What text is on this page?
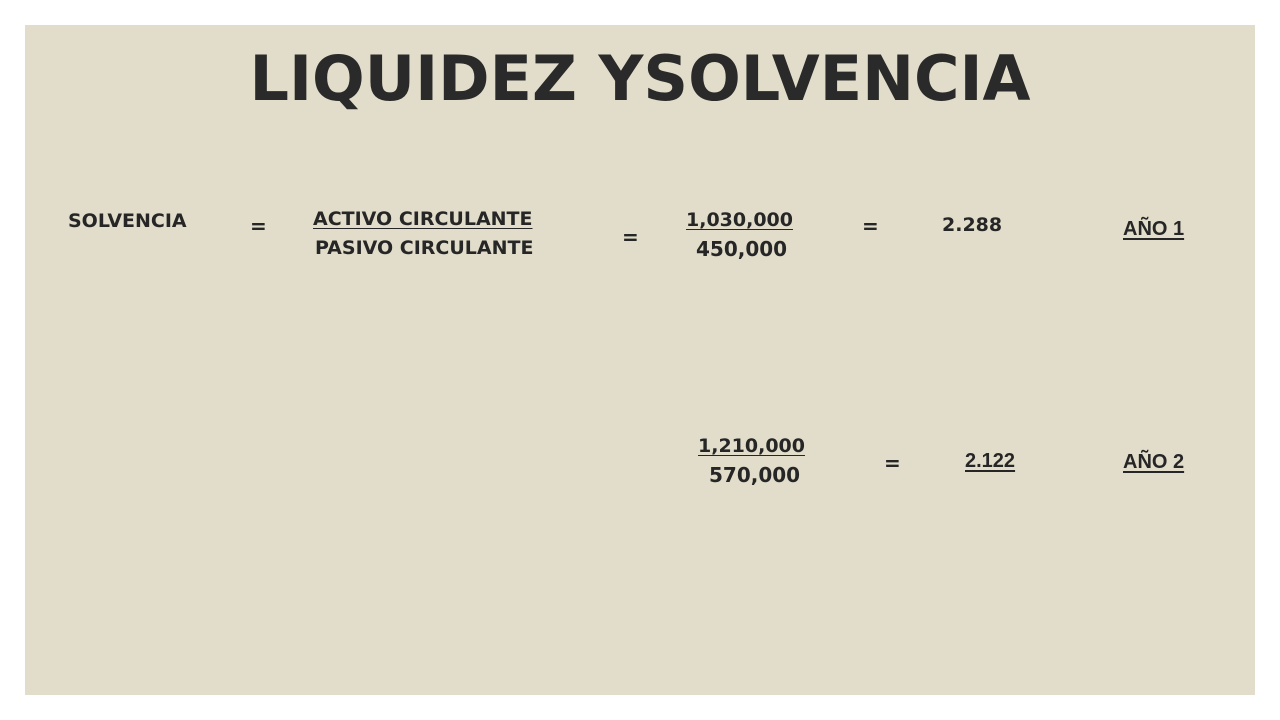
LIQUIDEZ YSOLVENCIA
SOLVENCIA	= ACTIVO CIRCULANTE
PASIVO CIRCULANTE	=
1,030,000
450,000
=	2.288	AÑO 1
1,210,000
570,000	=	2.122	AÑO 2
